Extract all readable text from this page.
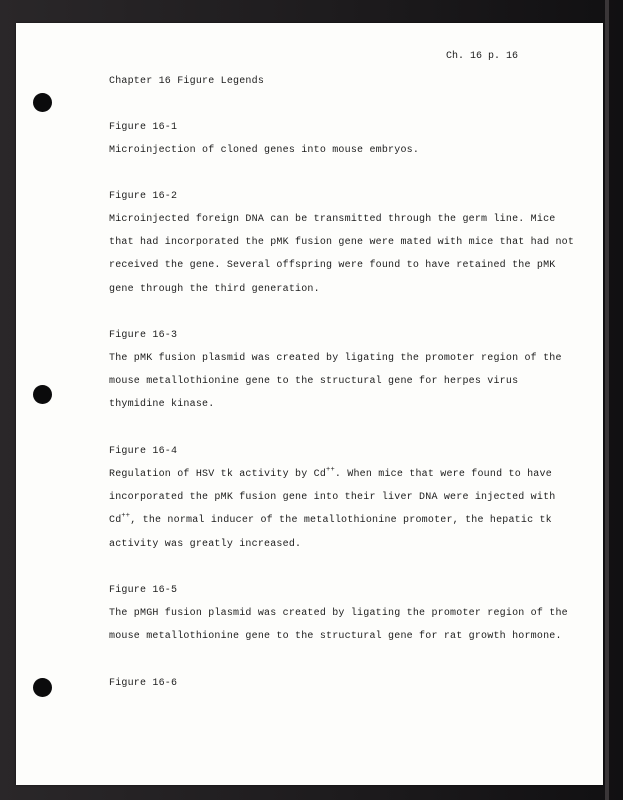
Ch. 16 p. 16
Chapter 16 Figure Legends
Figure 16-1
Microinjection of cloned genes into mouse embryos.
Figure 16-2
Microinjected foreign DNA can be transmitted through the germ line. Mice
that had incorporated the pMK fusion gene were mated with mice that had not
received the gene. Several offspring were found to have retained the pMK
gene through the third generation.
Figure 16-3
The pMK fusion plasmid was created by ligating the promoter region of the
mouse metallothionine gene to the structural gene for herpes virus
thymidine kinase.
Figure 16-4
Regulation of HSV tk activity by Cd++. When mice that were found to have
incorporated the pMK fusion gene into their liver DNA were injected with
Cd++, the normal inducer of the metallothionine promoter, the hepatic tk
activity was greatly increased.
Figure 16-5
The pMGH fusion plasmid was created by ligating the promoter region of the
mouse metallothionine gene to the structural gene for rat growth hormone.
Figure 16-6
